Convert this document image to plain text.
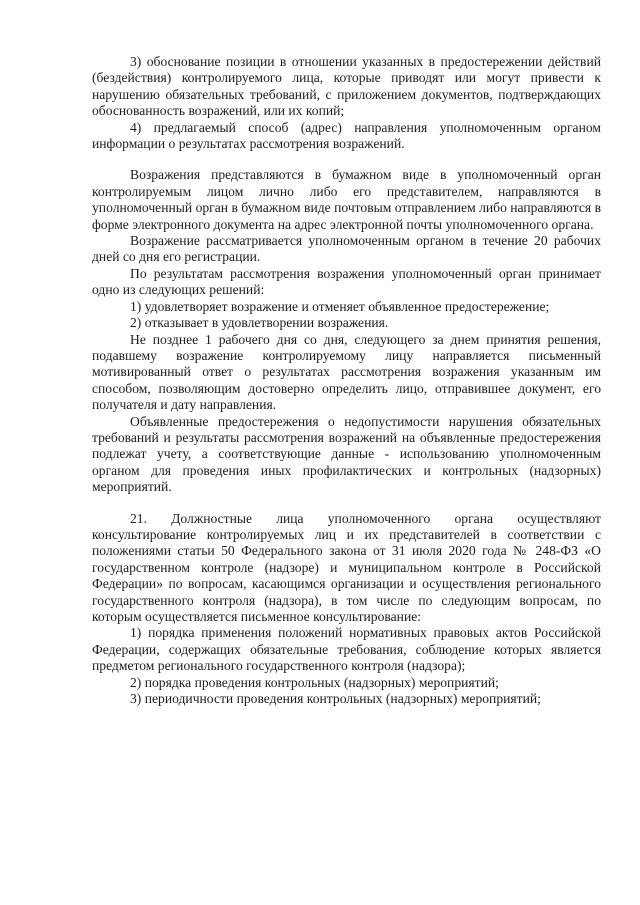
3) обоснование позиции в отношении указанных в предостережении действий (бездействия) контролируемого лица, которые приводят или могут привести к нарушению обязательных требований, с приложением документов, подтверждающих обоснованность возражений, или их копий;

4) предлагаемый способ (адрес) направления уполномоченным органом информации о результатах рассмотрения возражений.

Возражения представляются в бумажном виде в уполномоченный орган контролируемым лицом лично либо его представителем, направляются в уполномоченный орган в бумажном виде почтовым отправлением либо направляются в форме электронного документа на адрес электронной почты уполномоченного органа.

Возражение рассматривается уполномоченным органом в течение 20 рабочих дней со дня его регистрации.

По результатам рассмотрения возражения уполномоченный орган принимает одно из следующих решений:

1) удовлетворяет возражение и отменяет объявленное предостережение;

2) отказывает в удовлетворении возражения.

Не позднее 1 рабочего дня со дня, следующего за днем принятия решения, подавшему возражение контролируемому лицу направляется письменный мотивированный ответ о результатах рассмотрения возражения указанным им способом, позволяющим достоверно определить лицо, отправившее документ, его получателя и дату направления.

Объявленные предостережения о недопустимости нарушения обязательных требований и результаты рассмотрения возражений на объявленные предостережения подлежат учету, а соответствующие данные - использованию уполномоченным органом для проведения иных профилактических и контрольных (надзорных) мероприятий.

21. Должностные лица уполномоченного органа осуществляют консультирование контролируемых лиц и их представителей в соответствии с положениями статьи 50 Федерального закона от 31 июля 2020 года № 248-ФЗ «О государственном контроле (надзоре) и муниципальном контроле в Российской Федерации» по вопросам, касающимся организации и осуществления регионального государственного контроля (надзора), в том числе по следующим вопросам, по которым осуществляется письменное консультирование:

1) порядка применения положений нормативных правовых актов Российской Федерации, содержащих обязательные требования, соблюдение которых является предметом регионального государственного контроля (надзора);

2) порядка проведения контрольных (надзорных) мероприятий;

3) периодичности проведения контрольных (надзорных) мероприятий;
